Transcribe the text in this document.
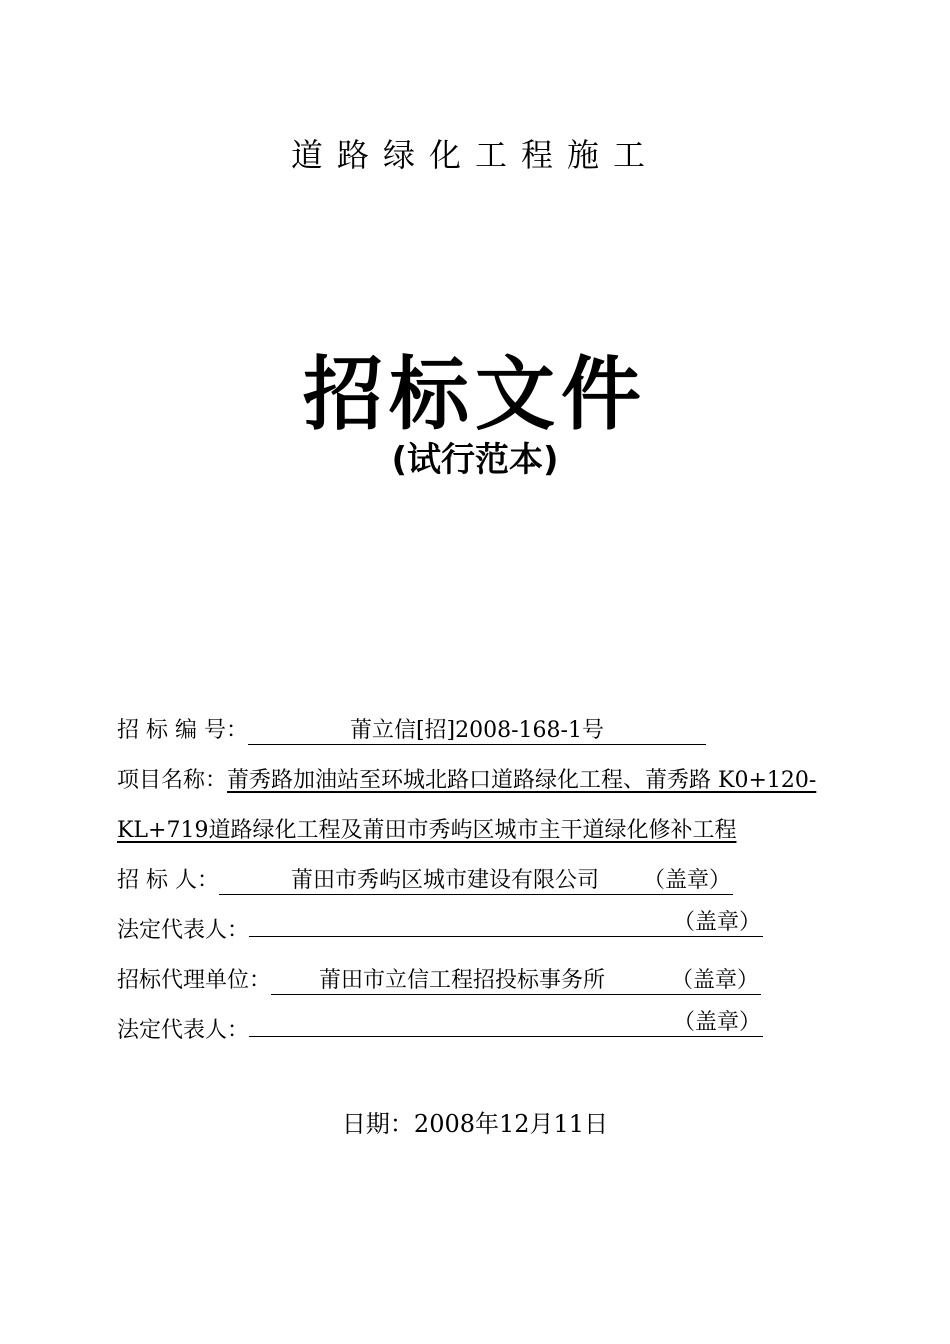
道路绿化工程施工
招标文件
(试行范本)
招 标 编 号：	莆立信[招]2008-168-1号
项目名称：莆秀路加油站至环城北路口道路绿化工程、莆秀路 K0+120-
KL+719道路绿化工程及莆田市秀屿区城市主干道绿化修补工程
招 标 人：	莆田市秀屿区城市建设有限公司 （盖章）
法定代表人：	（盖章）
招标代理单位： 莆田市立信工程招投标事务所	（盖章）
法定代表人：	（盖章）
日期：2008年12月11日
